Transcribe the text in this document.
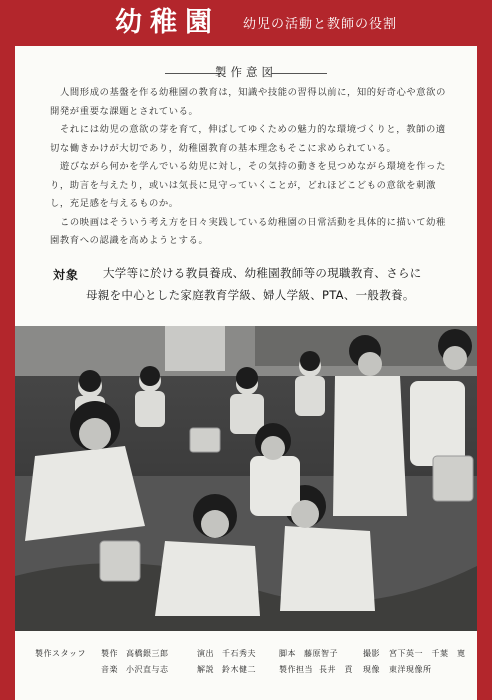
幼稚園 幼児の活動と教師の役割
製作意図

人間形成の基盤を作る幼稚園の教育は，知識や技能の習得以前に，知的好奇心や意欲の開発が重要な課題とされている。

それには幼児の意欲の芽を育て，伸ばしてゆくための魅力的な環境づくりと，教師の適切な働きかけが大切であり，幼稚園教育の基本理念もそこに求められている。

遊びながら何かを学んでいる幼児に対し，その気持の動きを見つめながら環境を作ったり，助言を与えたり，或いは気長に見守っていくことが，どれほどこどもの意欲を刺激し，充足感を与えるものか。

この映画はそういう考え方を日々実践している幼稚園の日常活動を具体的に描いて幼稚園教育への認識を高めようとする。

対象 大学等に於ける教員養成、幼稚園教師等の現職教育、さらに
母親を中心とした家庭教育学級、婦人学級、PTA、一般教養。
製作スタッフ 製作 高橋銀三郎	演出 千石秀夫	脚本 藤原智子	撮影 宮下英一　千葉　寛
音楽 小沢直与志	解説 鈴木健二	製作担当 長井　貢 現像 東洋現像所
